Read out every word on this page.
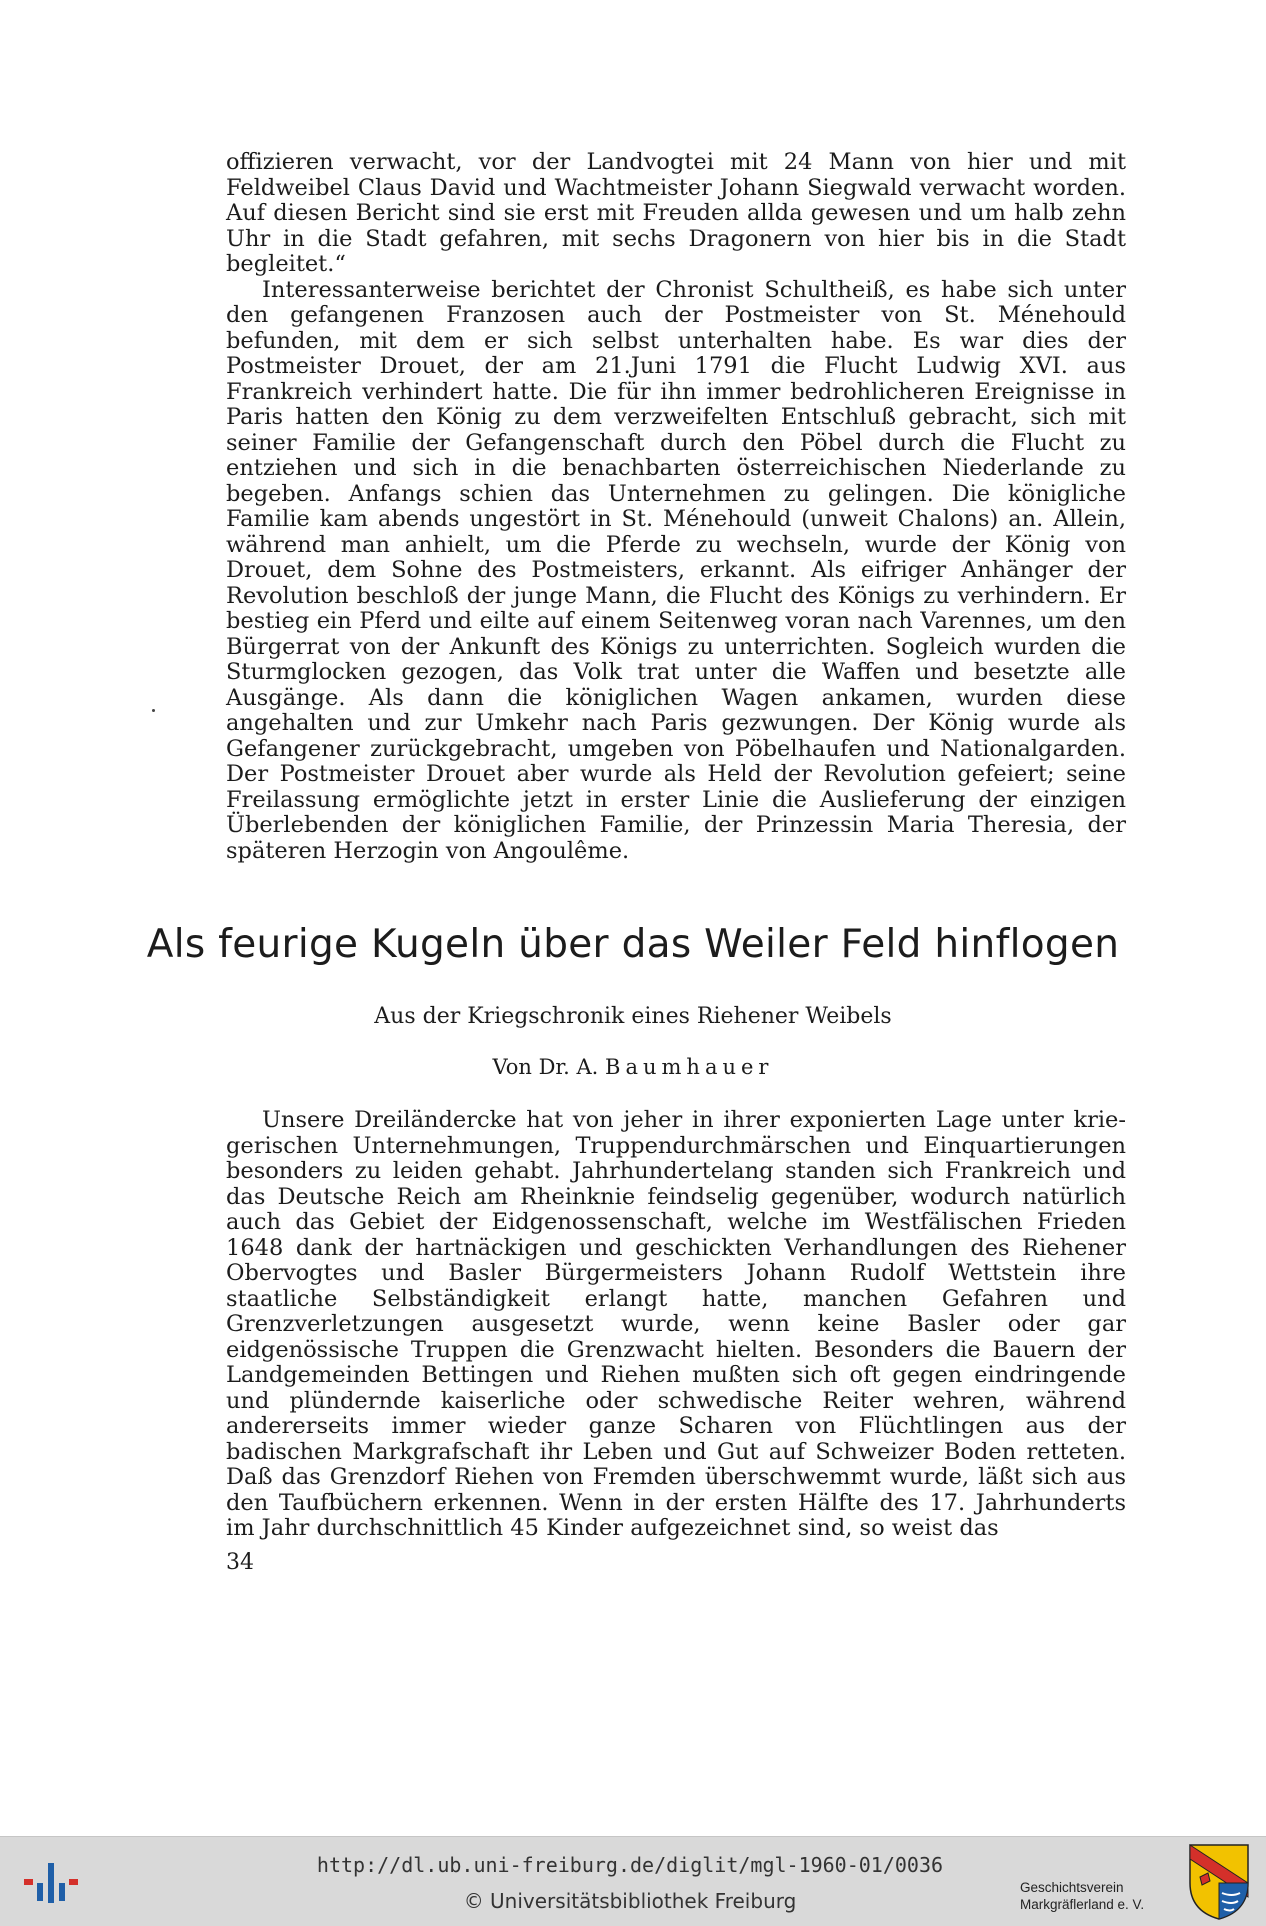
offizieren verwacht, vor der Landvogtei mit 24 Mann von hier und mit Feldweibel Claus David und Wachtmeister Johann Siegwald verwacht worden. Auf diesen Bericht sind sie erst mit Freuden allda gewesen und um halb zehn Uhr in die Stadt gefahren, mit sechs Dragonern von hier bis in die Stadt begleitet.“

Interessanterweise berichtet der Chronist Schultheiß, es habe sich unter den gefangenen Franzosen auch der Postmeister von St. Ménehould befunden, mit dem er sich selbst unterhalten habe. Es war dies der Postmeister Drouet, der am 21.Juni 1791 die Flucht Ludwig XVI. aus Frankreich verhindert hatte. Die für ihn immer bedrohlicheren Ereignisse in Paris hatten den König zu dem verzweifelten Entschluß gebracht, sich mit seiner Familie der Gefangenschaft durch den Pöbel durch die Flucht zu entziehen und sich in die benachbarten österreichischen Niederlande zu begeben. Anfangs schien das Unternehmen zu gelingen. Die königliche Familie kam abends ungestört in St. Ménehould (unweit Chalons) an. Allein, während man anhielt, um die Pferde zu wechseln, wurde der König von Drouet, dem Sohne des Postmeisters, erkannt. Als eifriger Anhänger der Revolution beschloß der junge Mann, die Flucht des Königs zu verhindern. Er bestieg ein Pferd und eilte auf einem Seitenweg voran nach Varennes, um den Bürgerrat von der Ankunft des Königs zu unterrichten. Sogleich wurden die Sturmglocken gezogen, das Volk trat unter die Waffen und besetzte alle Ausgänge. Als dann die königlichen Wagen ankamen, wurden diese angehalten und zur Umkehr nach Paris gezwungen. Der König wurde als Gefangener zurückgebracht, umgeben von Pöbelhaufen und Nationalgarden. Der Postmeister Drouet aber wurde als Held der Revolution gefeiert; seine Freilassung ermöglichte jetzt in erster Linie die Auslieferung der einzigen Überlebenden der königlichen Familie, der Prinzessin Maria Theresia, der späteren Herzogin von Angoulême.

Als feurige Kugeln über das Weiler Feld hinflogen

Aus der Kriegschronik eines Riehener Weibels

Von Dr. A. Baumhauer

Unsere Dreiländercke hat von jeher in ihrer exponierten Lage unter kriegerischen Unternehmungen, Truppendurchmärschen und Einquartierungen besonders zu leiden gehabt. Jahrhundertelang standen sich Frankreich und das Deutsche Reich am Rheinknie feindselig gegenüber, wodurch natürlich auch das Gebiet der Eidgenossenschaft, welche im Westfälischen Frieden 1648 dank der hartnäckigen und geschickten Verhandlungen des Riehener Obervogtes und Basler Bürgermeisters Johann Rudolf Wettstein ihre staatliche Selbständigkeit erlangt hatte, manchen Gefahren und Grenzverletzungen ausgesetzt wurde, wenn keine Basler oder gar eidgenössische Truppen die Grenzwacht hielten. Besonders die Bauern der Landgemeinden Bettingen und Riehen mußten sich oft gegen eindringende und plündernde kaiserliche oder schwedische Reiter wehren, während andererseits immer wieder ganze Scharen von Flüchtlingen aus der badischen Markgrafschaft ihr Leben und Gut auf Schweizer Boden retteten. Daß das Grenzdorf Riehen von Fremden überschwemmt wurde, läßt sich aus den Taufbüchern erkennen. Wenn in der ersten Hälfte des 17. Jahrhunderts im Jahr durchschnittlich 45 Kinder aufgezeichnet sind, so weist das

34

http://dl.ub.uni-freiburg.de/diglit/mgl-1960-01/0036
© Universitätsbibliothek Freiburg
Geschichtsverein
Markgräflerland e. V.
